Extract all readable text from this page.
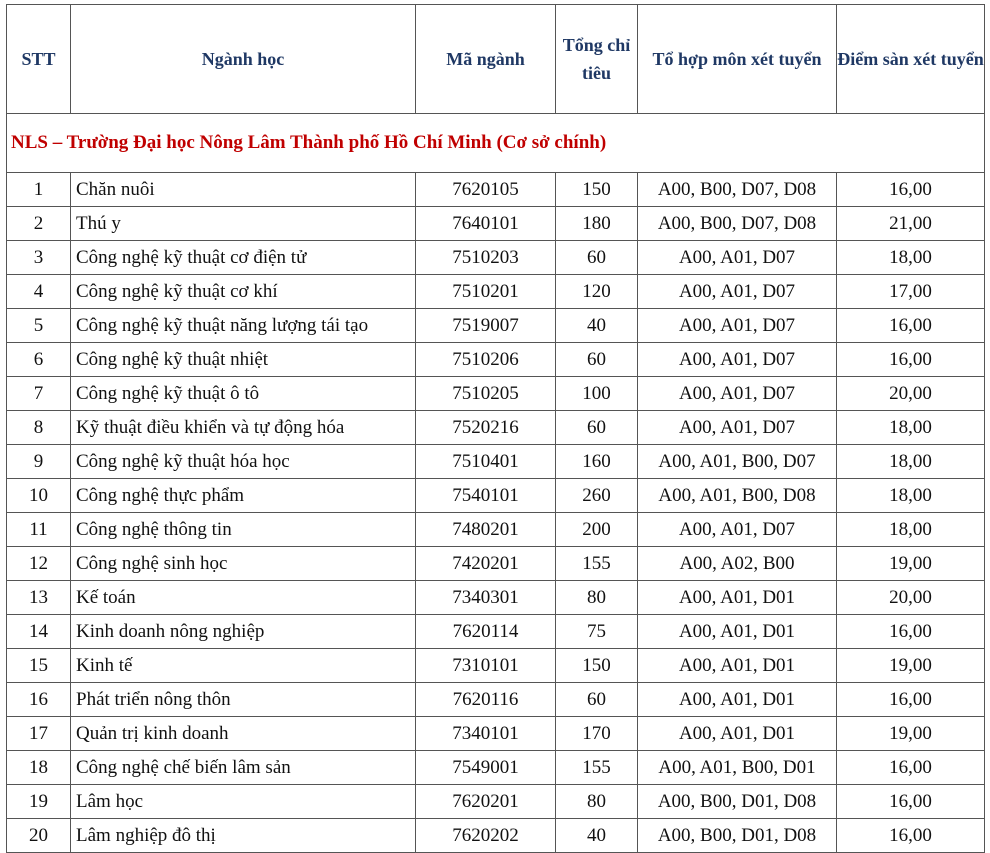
STT	Ngành học	Mã ngành	Tổng chỉ tiêu	Tổ hợp môn xét tuyển	Điểm sàn xét tuyển
NLS – Trường Đại học Nông Lâm Thành phố Hồ Chí Minh (Cơ sở chính)					
1	Chăn nuôi	7620105	150	A00, B00, D07, D08	16,00
2	Thú y	7640101	180	A00, B00, D07, D08	21,00
3	Công nghệ kỹ thuật cơ điện tử	7510203	60	A00, A01, D07	18,00
4	Công nghệ kỹ thuật cơ khí	7510201	120	A00, A01, D07	17,00
5	Công nghệ kỹ thuật năng lượng tái tạo	7519007	40	A00, A01, D07	16,00
6	Công nghệ kỹ thuật nhiệt	7510206	60	A00, A01, D07	16,00
7	Công nghệ kỹ thuật ô tô	7510205	100	A00, A01, D07	20,00
8	Kỹ thuật điều khiển và tự động hóa	7520216	60	A00, A01, D07	18,00
9	Công nghệ kỹ thuật hóa học	7510401	160	A00, A01, B00, D07	18,00
10	Công nghệ thực phẩm	7540101	260	A00, A01, B00, D08	18,00
11	Công nghệ thông tin	7480201	200	A00, A01, D07	18,00
12	Công nghệ sinh học	7420201	155	A00, A02, B00	19,00
13	Kế toán	7340301	80	A00, A01, D01	20,00
14	Kinh doanh nông nghiệp	7620114	75	A00, A01, D01	16,00
15	Kinh tế	7310101	150	A00, A01, D01	19,00
16	Phát triển nông thôn	7620116	60	A00, A01, D01	16,00
17	Quản trị kinh doanh	7340101	170	A00, A01, D01	19,00
18	Công nghệ chế biến lâm sản	7549001	155	A00, A01, B00, D01	16,00
19	Lâm học	7620201	80	A00, B00, D01, D08	16,00
20	Lâm nghiệp đô thị	7620202	40	A00, B00, D01, D08	16,00
